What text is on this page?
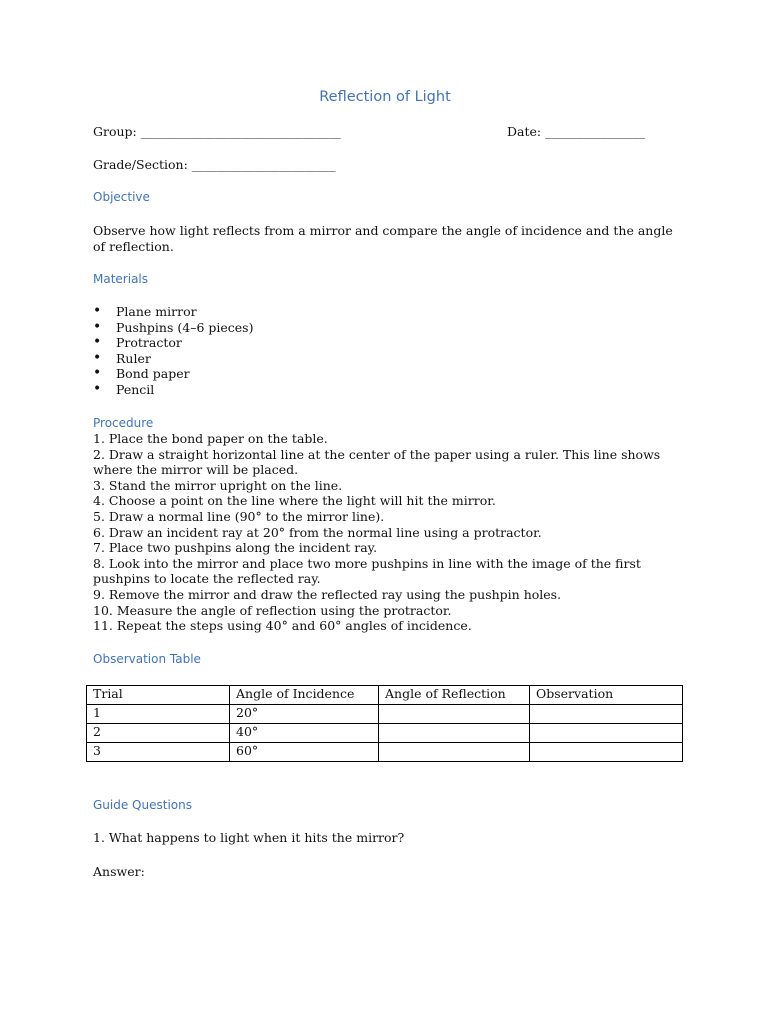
Reflection of Light
Group: ________________________________	Date: ________________
Grade/Section: _______________________
Objective
Observe how light reflects from a mirror and compare the angle of incidence and the angle of reflection.
Materials
• Plane mirror
• Pushpins (4–6 pieces)
• Protractor
• Ruler
• Bond paper
• Pencil
Procedure
1. Place the bond paper on the table.
2. Draw a straight horizontal line at the center of the paper using a ruler. This line shows where the mirror will be placed.
3. Stand the mirror upright on the line.
4. Choose a point on the line where the light will hit the mirror.
5. Draw a normal line (90° to the mirror line).
6. Draw an incident ray at 20° from the normal line using a protractor.
7. Place two pushpins along the incident ray.
8. Look into the mirror and place two more pushpins in line with the image of the first pushpins to locate the reflected ray.
9. Remove the mirror and draw the reflected ray using the pushpin holes.
10. Measure the angle of reflection using the protractor.
11. Repeat the steps using 40° and 60° angles of incidence.
Observation Table
Trial	Angle of Incidence	Angle of Reflection	Observation
1	20°		
2	40°		
3	60°		
Guide Questions
1. What happens to light when it hits the mirror?
Answer:
